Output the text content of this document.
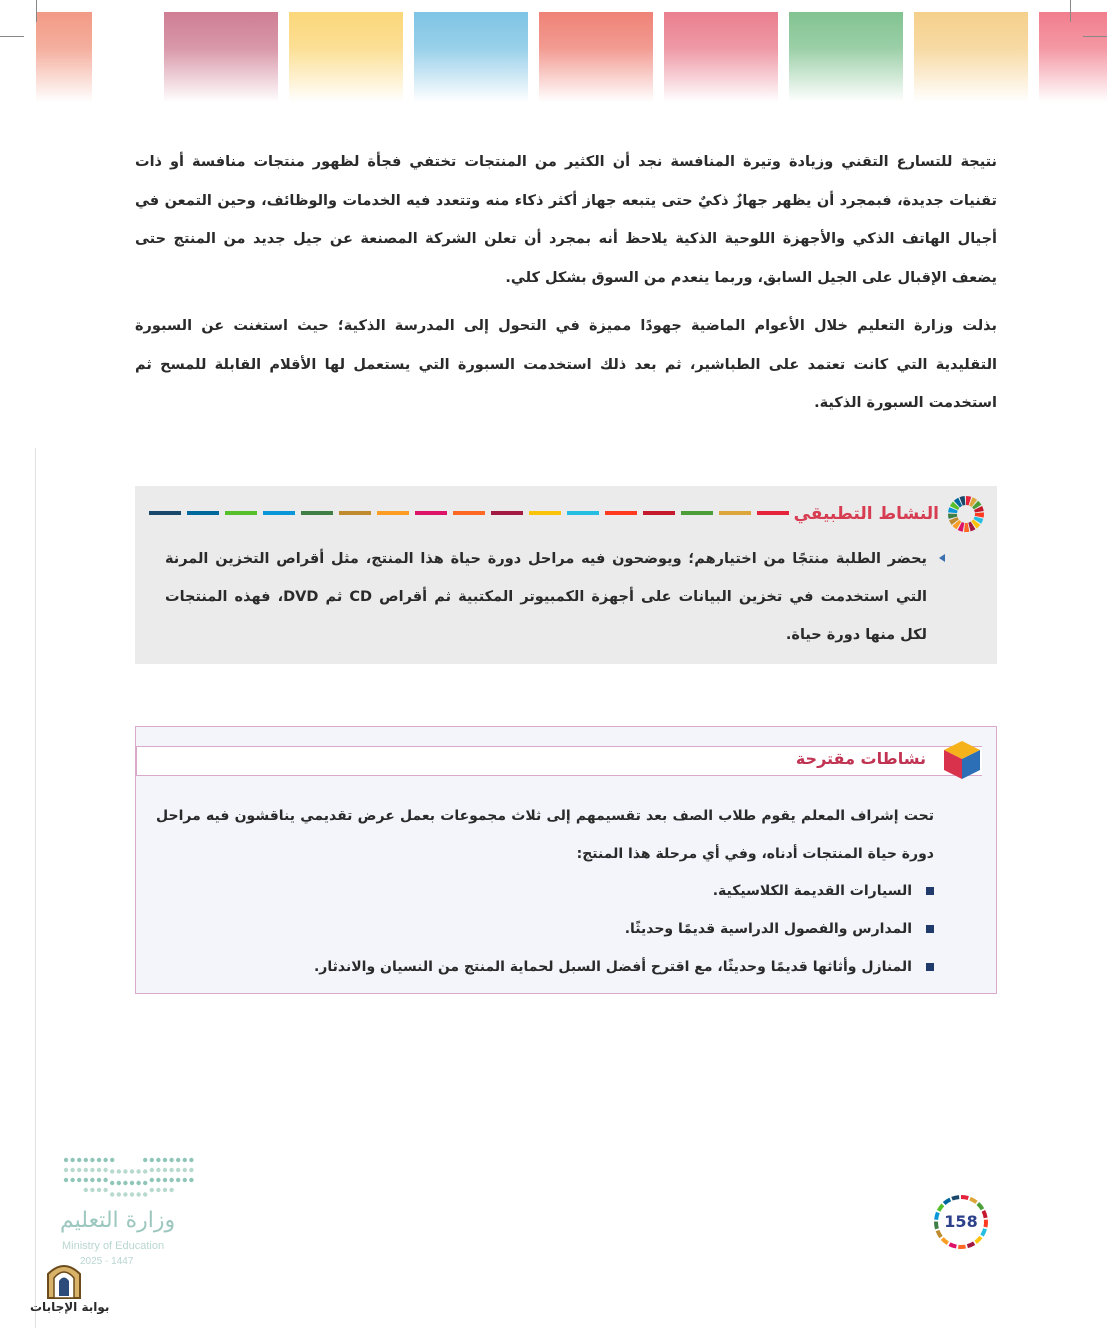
نتيجة للتسارع التقني وزيادة وتيرة المنافسة نجد أن الكثير من المنتجات تختفي فجأة لظهور منتجات منافسة أو ذات تقنيات جديدة، فبمجرد أن يظهر جهازٌ ذكيٌ حتى يتبعه جهاز أكثر ذكاء منه وتتعدد فيه الخدمات والوظائف، وحين التمعن في أجيال الهاتف الذكي والأجهزة اللوحية الذكية يلاحظ أنه بمجرد أن تعلن الشركة المصنعة عن جيل جديد من المنتج حتى يضعف الإقبال على الجيل السابق، وربما ينعدم من السوق بشكل كلي.

بذلت وزارة التعليم خلال الأعوام الماضية جهودًا مميزة في التحول إلى المدرسة الذكية؛ حيث استغنت عن السبورة التقليدية التي كانت تعتمد على الطباشير، ثم بعد ذلك استخدمت السبورة التي يستعمل لها الأقلام القابلة للمسح ثم استخدمت السبورة الذكية.

النشاط التطبيقي

يحضر الطلبة منتجًا من اختيارهم؛ ويوضحون فيه مراحل دورة حياة هذا المنتج، مثل أقراص التخزين المرنة التي استخدمت في تخزين البيانات على أجهزة الكمبيوتر المكتبية ثم أقراص CD ثم DVD، فهذه المنتجات لكل منها دورة حياة.

نشاطات مقترحة

تحت إشراف المعلم يقوم طلاب الصف بعد تقسيمهم إلى ثلاث مجموعات بعمل عرض تقديمي يناقشون فيه مراحل دورة حياة المنتجات أدناه، وفي أي مرحلة هذا المنتج:

السيارات القديمة الكلاسيكية.
المدارس والفصول الدراسية قديمًا وحديثًا.
المنازل وأثاثها قديمًا وحديثًا، مع اقترح أفضل السبل لحماية المنتج من النسيان والاندثار.
وزارة التعليم
Ministry of Education
2025 - 1447
بوابة الإجابات
158
